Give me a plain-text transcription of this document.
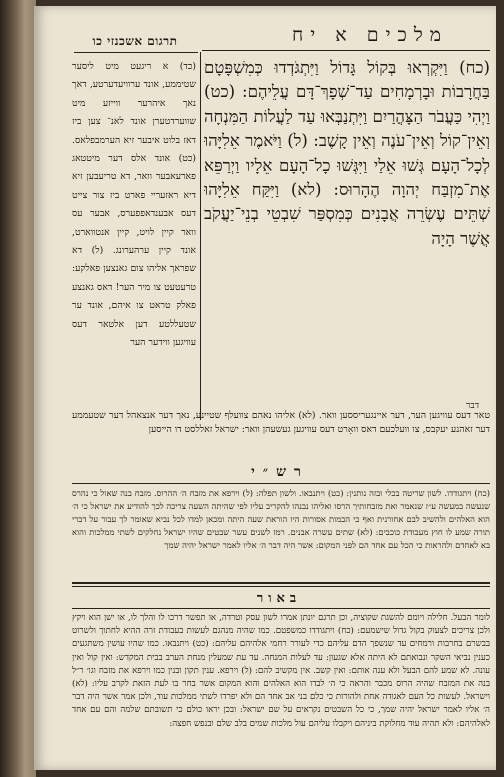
תרגום אשכנזי כו	מלכים א יח
(כד) א ריגעט מיט ליסער שטיממע, אונד ערוויעדערטע, דאך נאך איהרער ווייזע מיט שווערדטערן אונד לאנ־ צען ביז דאז בלוט איבער זיא הערמבפלאס. (כט) אונד אלס דער מיטטאג פארעאבער וואר, דא טריעבען זיא דיא ראזעריי פארט ביז צור צייט דעס אבענדאפפערס, אבער עס וואר קיין לויט, קיין אנטווארט, אונד קיין ערהערונג. (ל) דא שפראך אליהו צום גאנצען פאלקע: טרעטעט צו מיר הער! דאס גאנצע פאלק טראט צו איהם, אונד ער שטעללטע דען אלטאר דעס עוויגען ווידער הער
(כח) וַיִּקְרְאוּ בְּקוֹל גָּדוֹל וַיִּתְגֹּדְדוּ כְּמִשְׁפָּטָם בַּחֲרָבוֹת וּבָרְמָחִים עַד־שְׁפָךְ־דָּם עֲלֵיהֶם: (כט) וַיְהִי כַּעֲבֹר הַצָּהֳרַיִם וַיִּתְנַבְּאוּ עַד לַעֲלוֹת הַמִּנְחָה וְאֵין־קוֹל וְאֵין־עֹנֶה וְאֵין קָשֶׁב: (ל) וַיֹּאמֶר אֵלִיָּהוּ לְכָל־הָעָם גְּשׁוּ אֵלַי וַיִּגְּשׁוּ כָל־הָעָם אֵלָיו וַיְרַפֵּא אֶת־מִזְבַּח יְהוָה הֶהָרוּס: (לא) וַיִּקַּח אֵלִיָּהוּ שְׁתֵּים עֶשְׂרֵה אֲבָנִים כְּמִסְפַּר שִׁבְטֵי בְנֵי־יַעֲקֹב אֲשֶׁר הָיָה
דבר
טאר דעס עוויגען הער, דער איינגעריססען וואר. (לא) אליהו נאהם צוועלף שטיינע, נאך דער אנצאהל דער שטעממע דער זאהנע יעקבס, צו וועלכעם דאס וואָרט דעס עוויגען געשעהן וואר: ישראל זאללסט דו הייסען
רש״י
(כח) ויתגודדו. לשון שריטה בכלי ובזה נותנין: (כט) ויתנבאו. ולשון תפלה: (ל) וירפא את מזבח ה׳ ההרוס. מזבח בנה שאול כי נהרס שנעשה במעשה ע״ז שנאמר ואת מזבחותיך הרסו ואליהו נבנהו להקריב עליו לפי שהיתה השעה צריכה לכך להודיע את ישראל כי ה׳ הוא האלהים ולהשיב לבם אחורנית ואף כי הבמות אסורות היו הוראת שעה היתה ומכאן למדו לכל נביא שאומר לך עבור על דברי תורה שמע לו חוץ מעבודת כוכבים: (לא) שתים עשרה אבנים. רמז לשנים עשר שבטים שהיו ישראל נחלקים לשתי ממלכות והוא בא לאחדם ולהראות כי הכל עם אחד הם לפני המקום: אשר היה דבר ה׳ אליו לאמר ישראל יהיה שמך
באור
לומר הבעל. חלילה ויומם להשגת שקוציה, וכן תרגם יונתן אמרו לשון עסק וטרדה, או תפשר דרכו לו והלך לו, או ישן הוא ויקץ ולכן צריכים לצעוק בקול גדול שישמעם: (כח) ויתגודדו כמשפטם. כמו שהיה מנהגם לעשות בעבודת זרה ההיא לחתוך ולשרוט בבשרם בחרבות ורמחים עד שנשפך הדם עליהם כדי לעורר רחמי אלהיהם עליהם: (כט) ויתנבאו. כמו שהיו עושין משתגעים כענין נביאי השקר ונבואתם לא היתה אלא שגעון: עד לעלות המנחה. עד עת שמעלין מנחת הערב בבית המקדש: ואין קול ואין עונה. לא שמע להם הבעל ולא ענה אותם: ואין קשב. אין מקשיב להם: (ל) וירפא. ענין תקון ובנין כמו וירפא את מזבח וגו׳ ר״ל בנה את המזבח שהיה הרוס מכבר והראה כי ה׳ לבדו הוא האלהים והוא המקום אשר בחר בו לעת הזאת לקרב עליו: (לא) וישראל. לעשות כל העם לאגודה אחת ולהורות כי כלם בני אב אחד הם ולא יפרדו לשתי ממלכות עוד, ולכן אמר אשר היה דבר ה׳ אליו לאמר ישראל יהיה שמך, כי כל השבטים נקראים על שם ישראל: ובכן יראו כולם כי תשובתם שלמה והם עם אחד לאלהיהם: ולא תהיה עוד מחלוקת ביניהם ויקבלו עליהם עול מלכות שמים בלב שלם ובנפש חפצה:
